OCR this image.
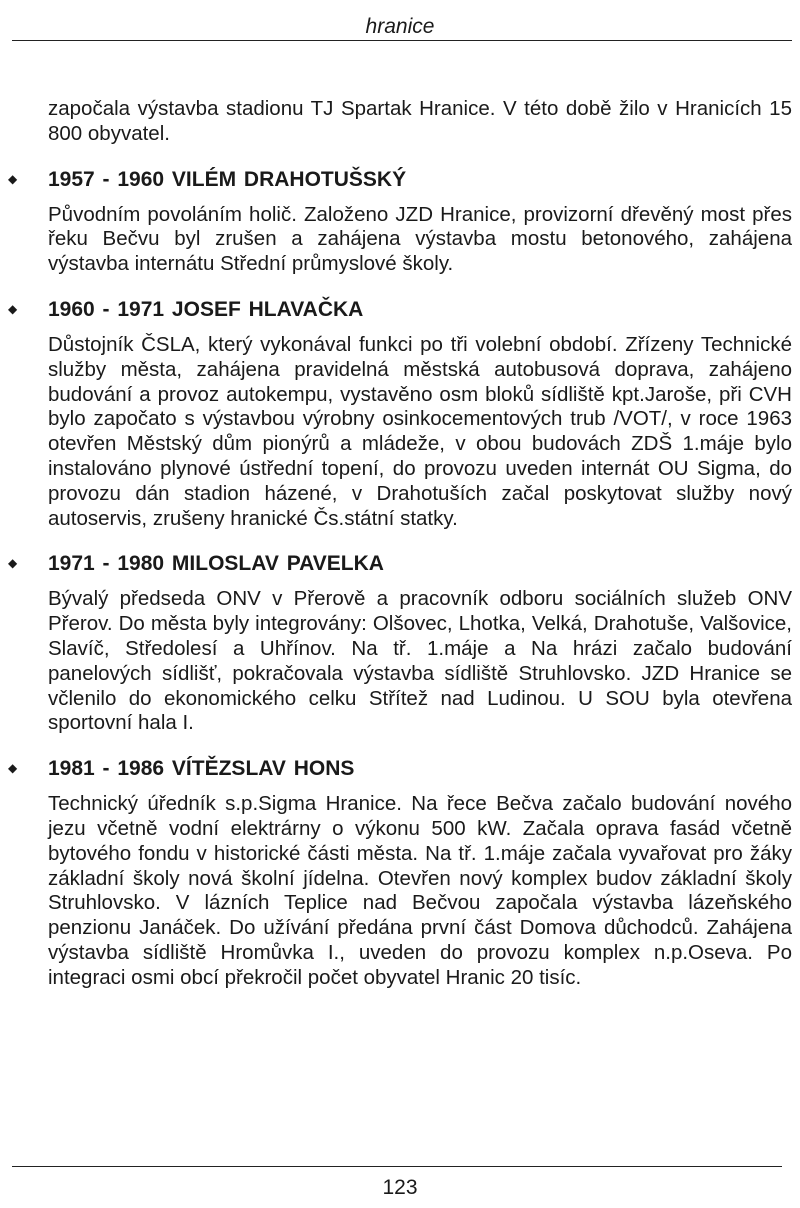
hranice

započala výstavba stadionu TJ Spartak Hranice. V této době žilo v Hranicích 15 800 obyvatel.

◆ 1957 - 1960 VILÉM DRAHOTUŠSKÝ

Původním povoláním holič. Založeno JZD Hranice, provizorní dřevěný most přes řeku Bečvu byl zrušen a zahájena výstavba mostu betonového, zahájena výstavba internátu Střední průmyslové školy.

◆ 1960 - 1971 JOSEF HLAVAČKA

Důstojník ČSLA, který vykonával funkci po tři volební období. Zřízeny Technické služby města, zahájena pravidelná městská autobusová doprava, zahájeno budování a provoz autokempu, vystavěno osm bloků sídliště kpt.Jaroše, při CVH bylo započato s výstavbou výrobny osinkocementových trub /VOT/, v roce 1963 otevřen Městský dům pionýrů a mládeže, v obou budovách ZDŠ 1.máje bylo instalováno plynové ústřední topení, do provozu uveden internát OU Sigma, do provozu dán stadion házené, v Drahotuších začal poskytovat služby nový autoservis, zrušeny hranické Čs.státní statky.

◆ 1971 - 1980 MILOSLAV PAVELKA

Bývalý předseda ONV v Přerově a pracovník odboru sociálních služeb ONV Přerov. Do města byly integrovány: Olšovec, Lhotka, Velká, Drahotuše, Valšovice, Slavíč, Středolesí a Uhřínov. Na tř. 1.máje a Na hrázi začalo budování panelových sídlišť, pokračovala výstavba sídliště Struhlovsko. JZD Hranice se včlenilo do ekonomického celku Střítež nad Ludinou. U SOU byla otevřena sportovní hala I.

◆ 1981 - 1986 VÍTĚZSLAV HONS

Technický úředník s.p.Sigma Hranice. Na řece Bečva začalo budování nového jezu včetně vodní elektrárny o výkonu 500 kW. Začala oprava fasád včetně bytového fondu v historické části města. Na tř. 1.máje začala vyvařovat pro žáky základní školy nová školní jídelna. Otevřen nový komplex budov základní školy Struhlovsko. V lázních Teplice nad Bečvou započala výstavba lázeňského penzionu Janáček. Do užívání předána první část Domova důchodců. Zahájena výstavba sídliště Hromůvka I., uveden do provozu komplex n.p.Oseva. Po integraci osmi obcí překročil počet obyvatel Hranic 20 tisíc.

123
